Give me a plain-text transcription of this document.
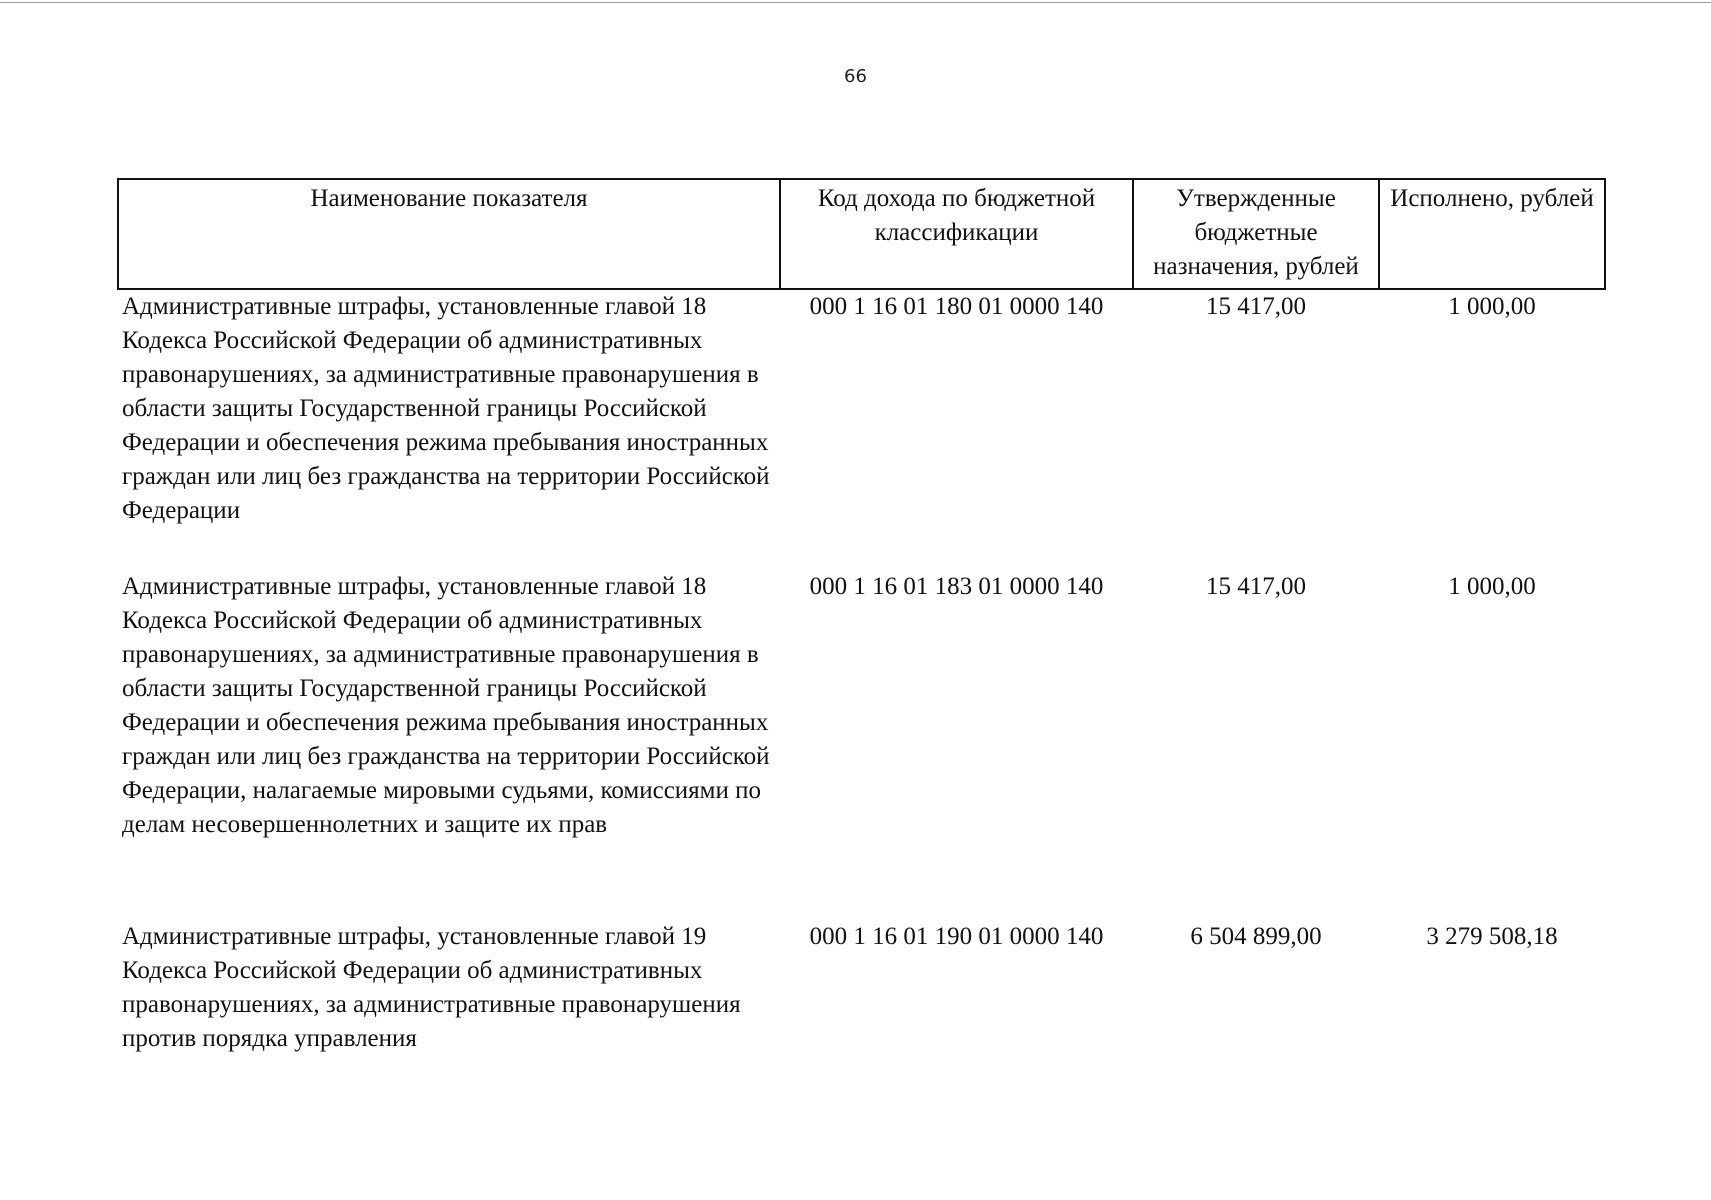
66
Наименование показателя	Код дохода по бюджетной классификации	Утвержденные бюджетные назначения, рублей	Исполнено, рублей
Административные штрафы, установленные главой 18 Кодекса Российской Федерации об административных правонарушениях, за административные правонарушения в области защиты Государственной границы Российской Федерации и обеспечения режима пребывания иностранных граждан или лиц без гражданства на территории Российской Федерации	000 1 16 01 180 01 0000 140	15 417,00	1 000,00
Административные штрафы, установленные главой 18 Кодекса Российской Федерации об административных правонарушениях, за административные правонарушения в области защиты Государственной границы Российской Федерации и обеспечения режима пребывания иностранных граждан или лиц без гражданства на территории Российской Федерации, налагаемые мировыми судьями, комиссиями по делам несовершеннолетних и защите их прав	000 1 16 01 183 01 0000 140	15 417,00	1 000,00
Административные штрафы, установленные главой 19 Кодекса Российской Федерации об административных правонарушениях, за административные правонарушения против порядка управления	000 1 16 01 190 01 0000 140	6 504 899,00	3 279 508,18
